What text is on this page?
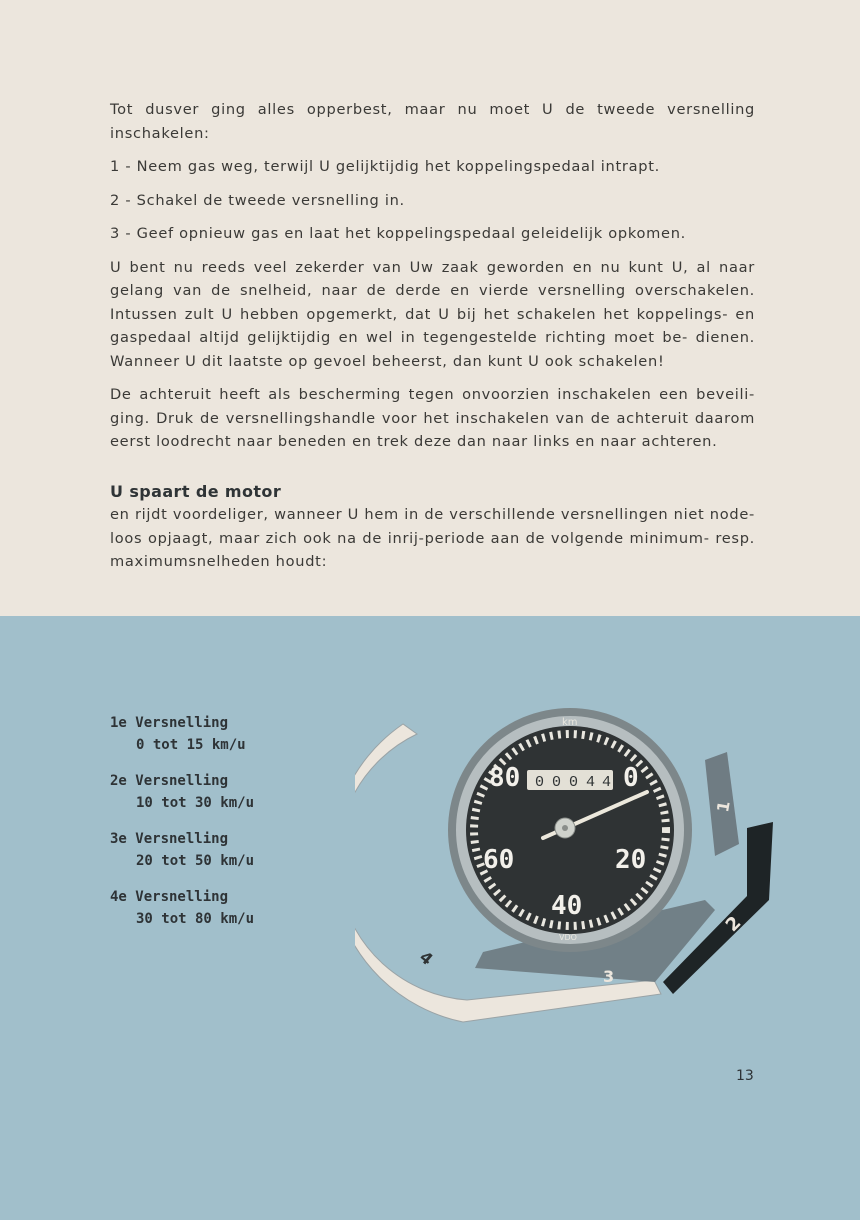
Tot dusver ging alles opperbest, maar nu moet U de tweede versnelling inschakelen:

1 - Neem gas weg, terwijl U gelijktijdig het koppelingspedaal intrapt.

2 - Schakel de tweede versnelling in.

3 - Geef opnieuw gas en laat het koppelingspedaal geleidelijk opkomen.

U bent nu reeds veel zekerder van Uw zaak geworden en nu kunt U, al naar gelang van de snelheid, naar de derde en vierde versnelling overschakelen. Intussen zult U hebben opgemerkt, dat U bij het schakelen het koppelings- en gaspedaal altijd gelijktijdig en wel in tegengestelde richting moet be- dienen. Wanneer U dit laatste op gevoel beheerst, dan kunt U ook schakelen!

De achteruit heeft als bescherming tegen onvoorzien inschakelen een beveili- ging. Druk de versnellingshandle voor het inschakelen van de achteruit daarom eerst loodrecht naar beneden en trek deze dan naar links en naar achteren.

U spaart de motor

en rijdt voordeliger, wanneer U hem in de verschillende versnellingen niet node- loos opjaagt, maar zich ook na de inrij-periode aan de volgende minimum- resp. maximumsnelheden houdt:

1e Versnelling
0 tot 15 km/u
2e Versnelling
10 tot 30 km/u
3e Versnelling
20 tot 50 km/u
4e Versnelling
30 tot 80 km/u
0 0 0 4 4
km
0
20
40
60
80
VDO
1
2
3
4
13
